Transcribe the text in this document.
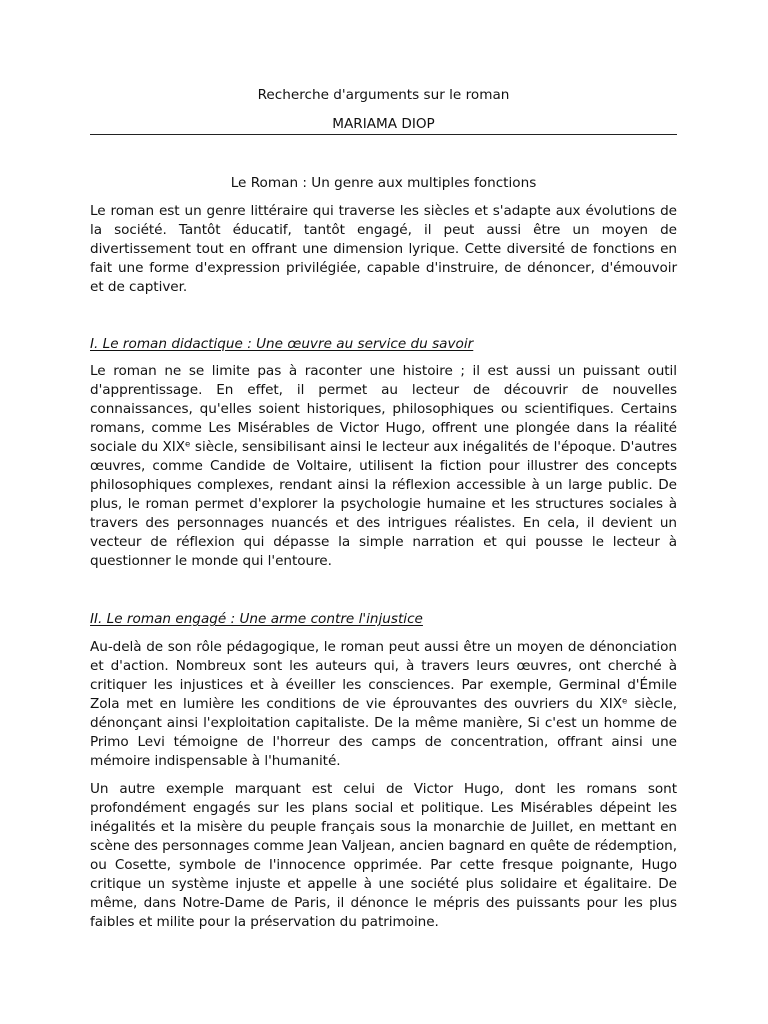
Recherche d'arguments sur le roman
MARIAMA DIOP
Le Roman : Un genre aux multiples fonctions

Le roman est un genre littéraire qui traverse les siècles et s'adapte aux évolutions de la société. Tantôt éducatif, tantôt engagé, il peut aussi être un moyen de divertissement tout en offrant une dimension lyrique. Cette diversité de fonctions en fait une forme d'expression privilégiée, capable d'instruire, de dénoncer, d'émouvoir et de captiver.

I. Le roman didactique : Une œuvre au service du savoir

Le roman ne se limite pas à raconter une histoire ; il est aussi un puissant outil d'apprentissage. En effet, il permet au lecteur de découvrir de nouvelles connaissances, qu'elles soient historiques, philosophiques ou scientifiques. Certains romans, comme Les Misérables de Victor Hugo, offrent une plongée dans la réalité sociale du XIXᵉ siècle, sensibilisant ainsi le lecteur aux inégalités de l'époque. D'autres œuvres, comme Candide de Voltaire, utilisent la fiction pour illustrer des concepts philosophiques complexes, rendant ainsi la réflexion accessible à un large public. De plus, le roman permet d'explorer la psychologie humaine et les structures sociales à travers des personnages nuancés et des intrigues réalistes. En cela, il devient un vecteur de réflexion qui dépasse la simple narration et qui pousse le lecteur à questionner le monde qui l'entoure.

II. Le roman engagé : Une arme contre l'injustice

Au-delà de son rôle pédagogique, le roman peut aussi être un moyen de dénonciation et d'action. Nombreux sont les auteurs qui, à travers leurs œuvres, ont cherché à critiquer les injustices et à éveiller les consciences. Par exemple, Germinal d'Émile Zola met en lumière les conditions de vie éprouvantes des ouvriers du XIXᵉ siècle, dénonçant ainsi l'exploitation capitaliste. De la même manière, Si c'est un homme de Primo Levi témoigne de l'horreur des camps de concentration, offrant ainsi une mémoire indispensable à l'humanité.

Un autre exemple marquant est celui de Victor Hugo, dont les romans sont profondément engagés sur les plans social et politique. Les Misérables dépeint les inégalités et la misère du peuple français sous la monarchie de Juillet, en mettant en scène des personnages comme Jean Valjean, ancien bagnard en quête de rédemption, ou Cosette, symbole de l'innocence opprimée. Par cette fresque poignante, Hugo critique un système injuste et appelle à une société plus solidaire et égalitaire. De même, dans Notre-Dame de Paris, il dénonce le mépris des puissants pour les plus faibles et milite pour la préservation du patrimoine.
